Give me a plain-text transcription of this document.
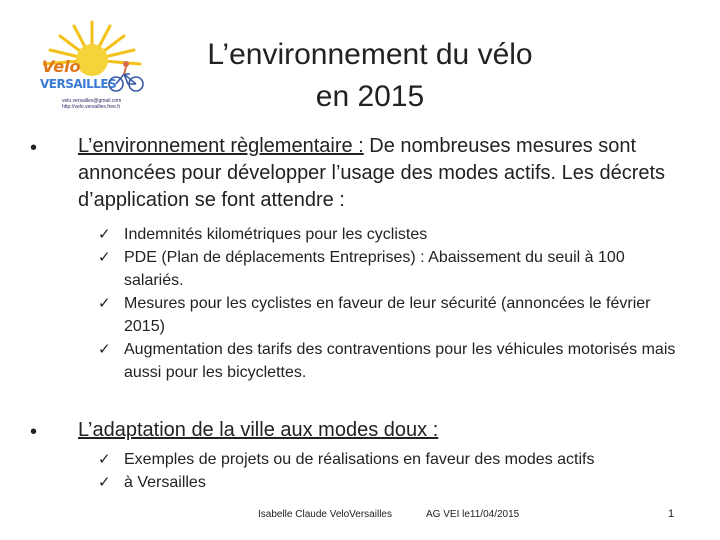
Velo
VERSAILLES
velo.versailles@gmail.com
http://velo.versailles.free.fr
L’environnement du vélo
en 2015
• L’environnement règlementaire : De nombreuses mesures sont annoncées pour développer l’usage des modes actifs. Les décrets d’application se font attendre :
✓ Indemnités kilométriques pour les cyclistes
✓ PDE (Plan de déplacements Entreprises) : Abaissement du seuil à 100 salariés.
✓ Mesures pour les cyclistes en faveur de leur sécurité (annoncées le février 2015)
✓ Augmentation des tarifs des contraventions pour les véhicules motorisés mais aussi pour les bicyclettes.
• L’adaptation de la ville aux modes doux :
✓ Exemples de projets ou de réalisations en faveur des modes actifs
✓ à Versailles
Isabelle Claude VeloVersailles	AG VEI le11/04/2015	1
